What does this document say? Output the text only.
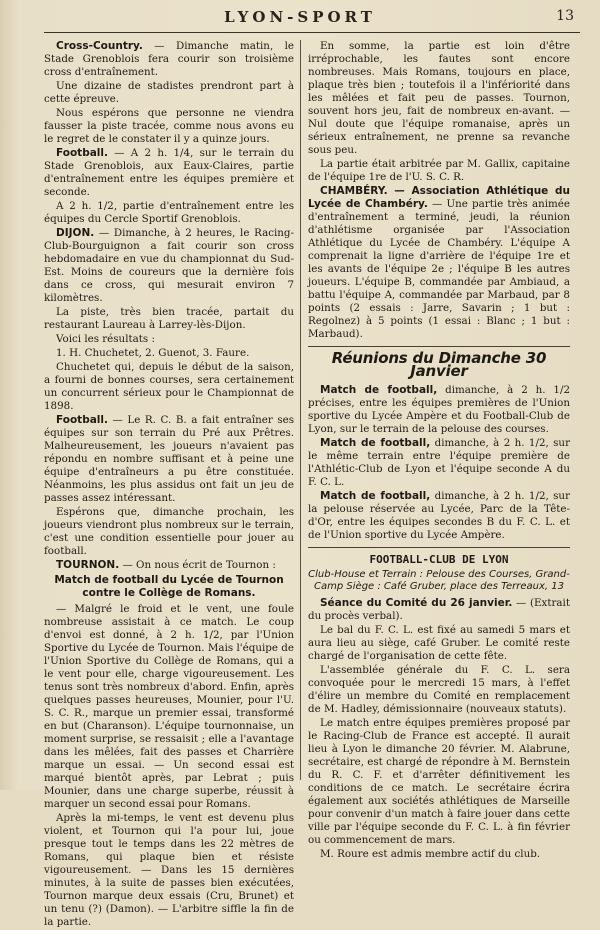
LYON-SPORT	13

Cross-Country. — Dimanche matin, le Stade Grenoblois fera courir son troisième cross d'entraînement.

Une dizaine de stadistes prendront part à cette épreuve.

Nous espérons que personne ne viendra fausser la piste tracée, comme nous avons eu le regret de le constater il y a quinze jours.

Football. — A 2 h. 1/4, sur le terrain du Stade Grenoblois, aux Eaux-Claires, partie d'entraînement entre les équipes première et seconde.

A 2 h. 1/2, partie d'entraînement entre les équipes du Cercle Sportif Grenoblois.

DIJON. — Dimanche, à 2 heures, le Racing-Club-Bourguignon a fait courir son cross hebdomadaire en vue du championnat du Sud-Est. Moins de coureurs que la dernière fois dans ce cross, qui mesurait environ 7 kilomètres.

La piste, très bien tracée, partait du restaurant Laureau à Larrey-lès-Dijon.

Voici les résultats :

1. H. Chuchetet, 2. Guenot, 3. Faure.

Chuchetet qui, depuis le début de la saison, a fourni de bonnes courses, sera certainement un concurrent sérieux pour le Championnat de 1898.

Football. — Le R. C. B. a fait entraîner ses équipes sur son terrain du Pré aux Prêtres. Malheureusement, les joueurs n'avaient pas répondu en nombre suffisant et à peine une équipe d'entraîneurs a pu être constituée. Néanmoins, les plus assidus ont fait un jeu de passes assez intéressant.

Espérons que, dimanche prochain, les joueurs viendront plus nombreux sur le terrain, c'est une condition essentielle pour jouer au football.

TOURNON. — On nous écrit de Tournon :

Match de football du Lycée de Tournon contre le Collège de Romans.

— Malgré le froid et le vent, une foule nombreuse assistait à ce match. Le coup d'envoi est donné, à 2 h. 1/2, par l'Union Sportive du Lycée de Tournon. Mais l'équipe de l'Union Sportive du Collège de Romans, qui a le vent pour elle, charge vigoureusement. Les tenus sont très nombreux d'abord. Enfin, après quelques passes heureuses, Mounier, pour l'U. S. C. R., marque un premier essai, transformé en but (Charanson). L'équipe tournonnaise, un moment surprise, se ressaisit ; elle a l'avantage dans les mêlées, fait des passes et Charrière marque un essai. — Un second essai est marqué bientôt après, par Lebrat ; puis Mounier, dans une charge superbe, réussit à marquer un second essai pour Romans.

Après la mi-temps, le vent est devenu plus violent, et Tournon qui l'a pour lui, joue presque tout le temps dans les 22 mètres de Romans, qui plaque bien et résiste vigoureusement. — Dans les 15 dernières minutes, à la suite de passes bien exécutées, Tournon marque deux essais (Cru, Brunet) et un tenu (?) (Damon). — L'arbitre siffle la fin de la partie.

En somme, la partie est loin d'être irréprochable, les fautes sont encore nombreuses. Mais Romans, toujours en place, plaque très bien ; toutefois il a l'infériorité dans les mêlées et fait peu de passes. Tournon, souvent hors jeu, fait de nombreux en-avant. — Nul doute que l'équipe romanaise, après un sérieux entraînement, ne prenne sa revanche sous peu.

La partie était arbitrée par M. Gallix, capitaine de l'équipe 1re de l'U. S. C. R.

CHAMBÉRY. — Association Athlétique du Lycée de Chambéry. — Une partie très animée d'entraînement a terminé, jeudi, la réunion d'athlétisme organisée par l'Association Athlétique du Lycée de Chambéry. L'équipe A comprenait la ligne d'arrière de l'équipe 1re et les avants de l'équipe 2e ; l'équipe B les autres joueurs. L'équipe B, commandée par Ambiaud, a battu l'équipe A, commandée par Marbaud, par 8 points (2 essais : Jarre, Savarin ; 1 but : Regolnez) à 5 points (1 essai : Blanc ; 1 but : Marbaud).

Réunions du Dimanche 30 Janvier

Match de football, dimanche, à 2 h. 1/2 précises, entre les équipes premières de l'Union sportive du Lycée Ampère et du Football-Club de Lyon, sur le terrain de la pelouse des courses.

Match de football, dimanche, à 2 h. 1/2, sur le même terrain entre l'équipe première de l'Athlétic-Club de Lyon et l'équipe seconde A du F. C. L.

Match de football, dimanche, à 2 h. 1/2, sur la pelouse réservée au Lycée, Parc de la Tête-d'Or, entre les équipes secondes B du F. C. L. et de l'Union sportive du Lycée Ampère.

FOOTBALL-CLUB DE LYON
Club-House et Terrain : Pelouse des Courses, Grand-Camp Siège : Café Gruber, place des Terreaux, 13

Séance du Comité du 26 janvier. — (Extrait du procès verbal).

Le bal du F. C. L. est fixé au samedi 5 mars et aura lieu au siège, café Gruber. Le comité reste chargé de l'organisation de cette fête.

L'assemblée générale du F. C. L. sera convoquée pour le mercredi 15 mars, à l'effet d'élire un membre du Comité en remplacement de M. Hadley, démissionnaire (nouveaux statuts).

Le match entre équipes premières proposé par le Racing-Club de France est accepté. Il aurait lieu à Lyon le dimanche 20 février. M. Alabrune, secrétaire, est chargé de répondre à M. Bernstein du R. C. F. et d'arrêter définitivement les conditions de ce match. Le secrétaire écrira également aux sociétés athlétiques de Marseille pour convenir d'un match à faire jouer dans cette ville par l'équipe seconde du F. C. L. à fin février ou commencement de mars.

M. Roure est admis membre actif du club.
